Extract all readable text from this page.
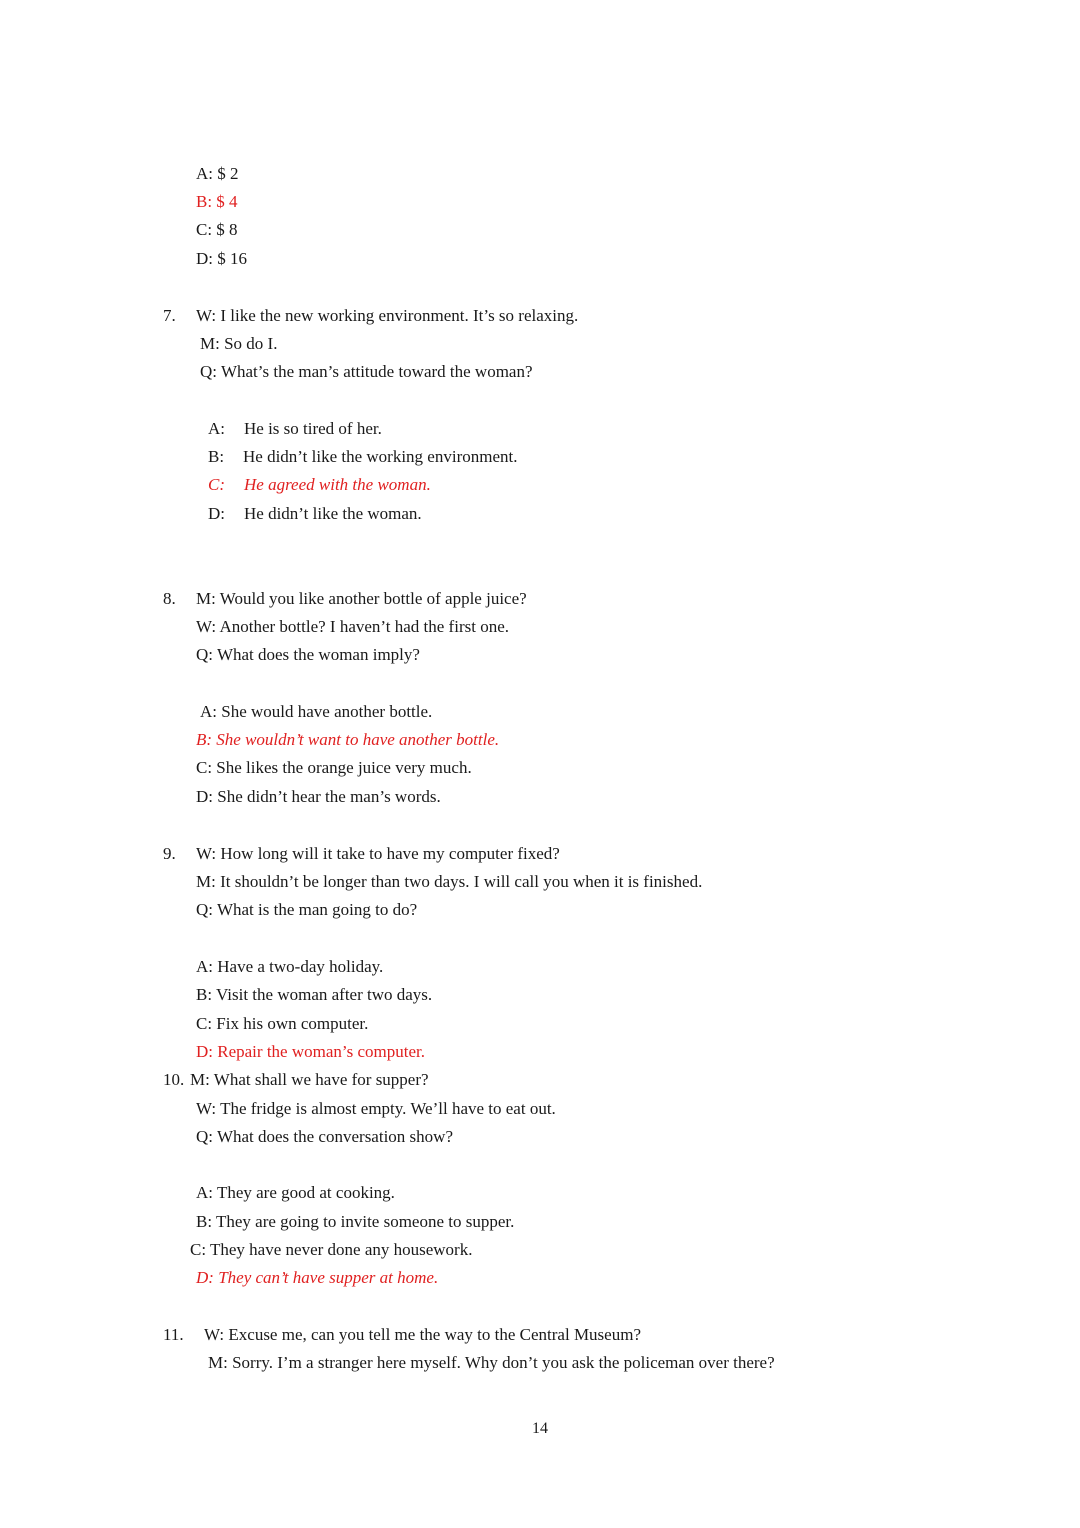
A: $ 2
B: $ 4
C: $ 8
D: $ 16
7. W: I like the new working environment. It’s so relaxing.
M: So do I.
Q: What’s the man’s attitude toward the woman?
A: He is so tired of her.
B: He didn’t like the working environment.
C: He agreed with the woman.
D: He didn’t like the woman.
8. M: Would you like another bottle of apple juice?
W: Another bottle? I haven’t had the first one.
Q: What does the woman imply?
A: She would have another bottle.
B: She wouldn’t want to have another bottle.
C: She likes the orange juice very much.
D: She didn’t hear the man’s words.
9. W: How long will it take to have my computer fixed?
M: It shouldn’t be longer than two days. I will call you when it is finished.
Q: What is the man going to do?
A: Have a two-day holiday.
B: Visit the woman after two days.
C: Fix his own computer.
D: Repair the woman’s computer.
10. M: What shall we have for supper?
W: The fridge is almost empty. We’ll have to eat out.
Q: What does the conversation show?
A: They are good at cooking.
B: They are going to invite someone to supper.
C: They have never done any housework.
D: They can’t have supper at home.
11. W: Excuse me, can you tell me the way to the Central Museum?
M: Sorry. I’m a stranger here myself. Why don’t you ask the policeman over there?
14
